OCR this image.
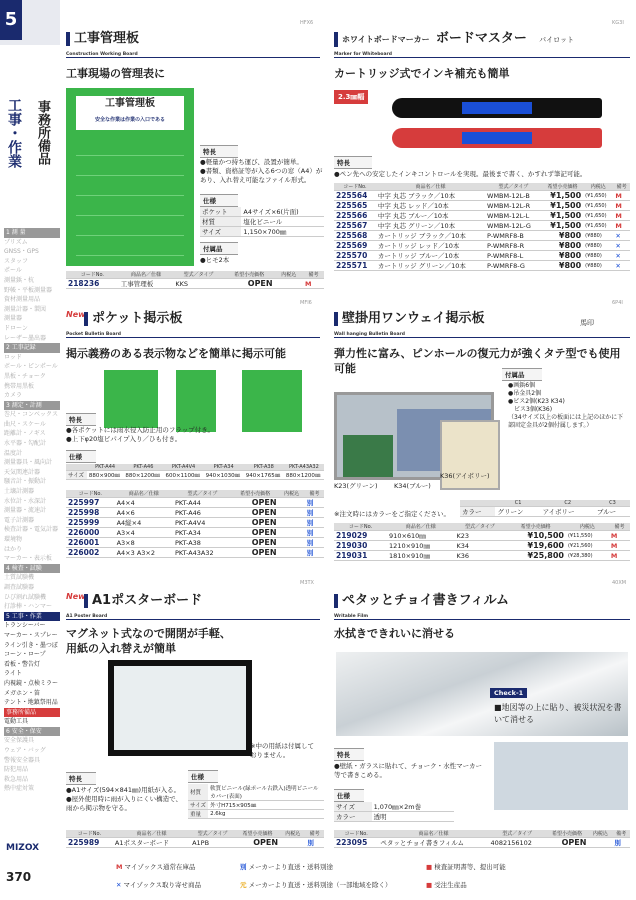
5
工事・作業 事務所備品
1 測 量
プリズム
GNSS・GPS
スタッフ
ポール
測量鋲・杭
野帳・平板測量器
資材測量用品
測量計器・製図
測量器
ドローン
レーザー墨出器
2 工事記録
ロッド
ボール・ピンポール
黒板・チョーク
携帯用黒板
カメラ
3 測定・計測
巻尺・コンベックス
曲尺・スケール
距離計・ノギス
水平器・勾配計
温度計
測量器具・風向計
天気関連計器
騒音計・振動計
土壌計測器
水位計・水深計
測量器・流速計
電子計測器
検査計器・電気計器
環境物
はかり
マーカー・表示板
4 検査・試験
土質試験機
調査試験器
ひび割れ試験機
打診棒・ハンマー
5 工事・作業
トランシーバー
マーカー・スプレー
ライン引き・墨つぼ
コーン・ロープ
看板・警告灯
ライト
内視鏡・点検ミラー
メガホン・笛
テント・地鎮祭用品
事務所備品
電動工具
6 安全・保安
安全保護具
ウェア・バッグ
警報安全器具
防犯用品
救急用品
熱中症対策
MIZOX
370
HFX6
工事管理板
Construction Working Board
工事現場の管理表に
工事管理板
安全な作業は作業の入口である
特長
●軽量かつ持ち運び、設置が簡単。
●書類、資格証等が入る6つの窓（A4）があり、入れ替え可能なファイル形式。
仕様
ポケット	A4サイズ×6(片面)
材質	塩化ビニール
サイズ	1,150×700㎜
付属品
●ヒモ2本
コードNo.	商品名／仕様	型式／タイプ	希望小売価格	内税込	備考
218236	工事管理板	KKS	OPEN		M
KG3I
ホワイトボードマーカー ボードマスター パイロット
Marker for Whiteboard
カートリッジ式でインキ補充も簡単
2.3㎜幅
特長
●ペン先への安定したインキコントロールを実現。最後まで書く、かすれず筆記可能。
コードNo.	商品名／仕様	型式／タイプ	希望小売価格	内税込	備考
225564	中字 丸芯 ブラック／10本	WMBM-12L-B	¥1,500	(¥1,650)	M
225565	中字 丸芯 レッド／10本	WMBM-12L-R	¥1,500	(¥1,650)	M
225566	中字 丸芯 ブルー／10本	WMBM-12L-L	¥1,500	(¥1,650)	M
225567	中字 丸芯 グリーン／10本	WMBM-12L-G	¥1,500	(¥1,650)	M
225568	カートリッジ ブラック／10本	P-WMRF8-B	¥800	(¥880)	✕
225569	カートリッジ レッド／10本	P-WMRF8-R	¥800	(¥880)	✕
225570	カートリッジ ブルー／10本	P-WMRF8-L	¥800	(¥880)	✕
225571	カートリッジ グリーン／10本	P-WMRF8-G	¥800	(¥880)	✕
MFI6
New ポケット掲示板
Pocket Bulletin Board
掲示義務のある表示物などを簡単に掲示可能
特長
●各ポケットには雨水侵入防止用のフラップ付き。
●上下φ20塩ビパイプ入り／ひも付き。
仕様
	PKT-A44	PKT-A46	PKT-A4V4	PKT-A34	PKT-A38	PKT-A43A32
サイズ	880×900㎜	880×1200㎜	600×1100㎜	940×1030㎜	940×1765㎜	880×1200㎜
コードNo.	商品名／仕様	型式／タイプ	希望小売価格	内税込	備考
225997	A4×4	PKT-A44	OPEN		別
225998	A4×6	PKT-A46	OPEN		別
225999	A4縦×4	PKT-A4V4	OPEN		別
226000	A3×4	PKT-A34	OPEN		別
226001	A3×8	PKT-A38	OPEN		別
226002	A4×3 A3×2	PKT-A43A32	OPEN		別
6P4I
壁掛用ワンウェイ掲示板	馬印
Wall hanging Bulletin Board
弾力性に富み、ピンホールの復元力が強くタテ型でも使用可能	付属品
●画鋲6個
●吊金具2個
●ビス2個(K23 K34)
　ビス3個(K36)
（34サイズ以上の板面には上記のほかに下部固定金具が2個付属します。）
K23(グリーン)	K34(ブルー)
K36(アイボリー)
	C1	C2	C3
カラー	グリーン	アイボリー	ブルー
※注文時にはカラーをご指定ください。
コードNo.	商品名／仕様	型式／タイプ	希望小売価格	内税込	備考
219029	910×610㎜	K23	¥10,500	(¥11,550)	M
219030	1210×910㎜	K34	¥19,600	(¥21,560)	M
219031	1810×910㎜	K36	¥25,800	(¥28,380)	M
M3TX
New A1ポスターボード
A1 Poster Board
マグネット式なので開閉が手軽、
用紙の入れ替えが簡単
※中の用紙は付属しておりません。
特長
●A1サイズ(594×841㎜)用紙が入る。
●屋外使用時に雨が入りにくい構造で、雨から掲示物を守る。
仕様
材質	軟質ビニール(緑ポール古鉄入)透明ビニールカバー(表面)
サイズ	外寸H715×905㎜
重量	2.6kg
コードNo.	商品名／仕様	型式／タイプ	希望小売価格	内税込	備考
225989	A1ポスターボード	A1PB	OPEN		別
40XM
ペタッとチョイ書きフィルム
Writable Film
水拭きできれいに消せる
Check-1
■地図等の上に貼り、被災状況を書いて消せる
特長
●壁紙・ガラスに貼れて、チョーク・水性マーカー等で書きこめる。
仕様
サイズ	1,070㎜×2m巻
カラー	透明
コードNo.	商品名／仕様	型式／タイプ	希望小売価格	内税込	備考
223095	ペタッとチョイ書きフィルム	4082156102	OPEN		別
M マイゾックス通常在庫品
✕ マイゾックス取り寄せ商品
別 メーカーより直送・送料別途
元 メーカーより直送・送料別途（一部地域を除く）
■ 検査証明書等、提出可能
■ 受注生産品
